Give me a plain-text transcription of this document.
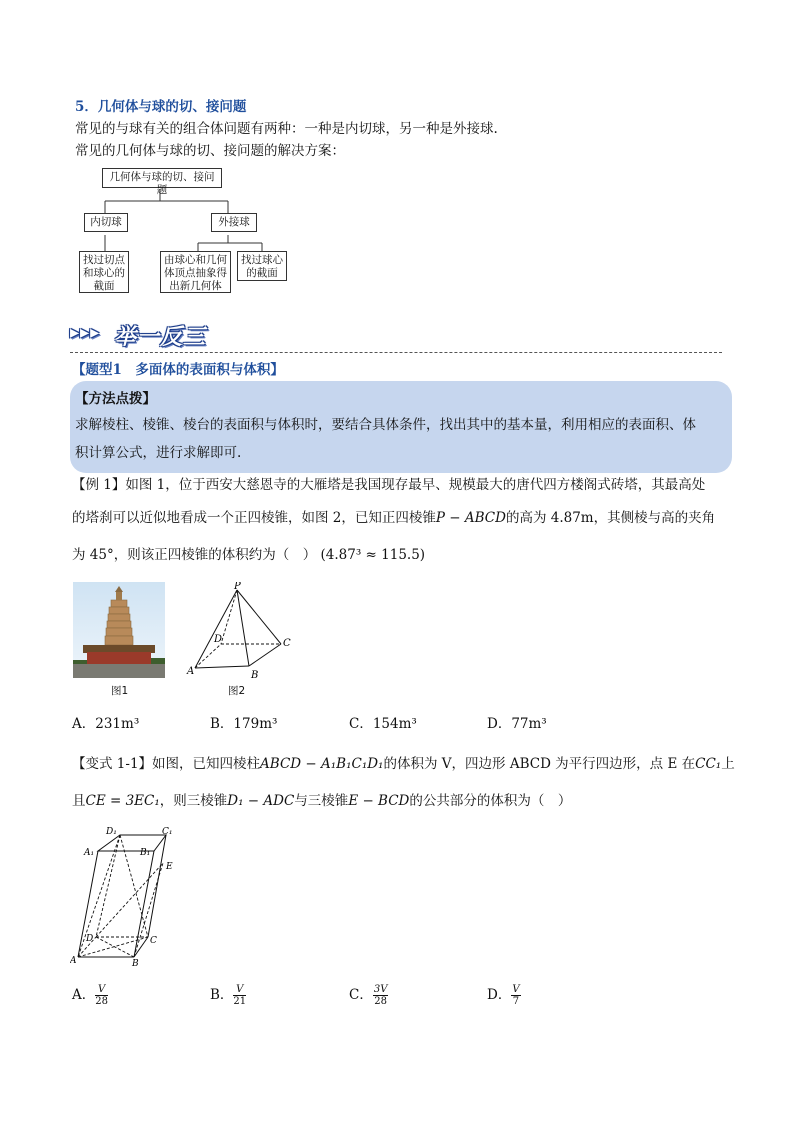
5．几何体与球的切、接问题
常见的与球有关的组合体问题有两种：一种是内切球，另一种是外接球.
常见的几何体与球的切、接问题的解决方案：
几何体与球的切、接问题
内切球	外接球
找过切点
和球心的
截面
由球心和几何
体顶点抽象得
出新几何体
找过球心
的截面
▸▸▸ 举一反三
【题型1　多面体的表面积与体积】
【方法点拨】
求解棱柱、棱锥、棱台的表面积与体积时，要结合具体条件，找出其中的基本量，利用相应的表面积、体
积计算公式，进行求解即可.
【例 1】如图 1，位于西安大慈恩寺的大雁塔是我国现存最早、规模最大的唐代四方楼阁式砖塔，其最高处
的塔刹可以近似地看成一个正四棱锥，如图 2，已知正四棱锥P − ABCD的高为 4.87m，其侧棱与高的夹角
为 45°，则该正四棱锥的体积约为（　） (4.87³ ≈ 115.5)
图1
P
A	B
C
D
图2
A．231m³	B．179m³	C．154m³	D．77m³
【变式 1-1】如图，已知四棱柱ABCD − A₁B₁C₁D₁的体积为 V，四边形 ABCD 为平行四边形，点 E 在CC₁上
且CE = 3EC₁，则三棱锥D₁ − ADC与三棱锥E − BCD的公共部分的体积为（　）
D₁	C₁
A₁	B₁
E
D	C
A	B
A． $\frac{V}{28}$	B． $\frac{V}{21}$	C． $\frac{3V}{28}$	D． $\frac{V}{7}$
